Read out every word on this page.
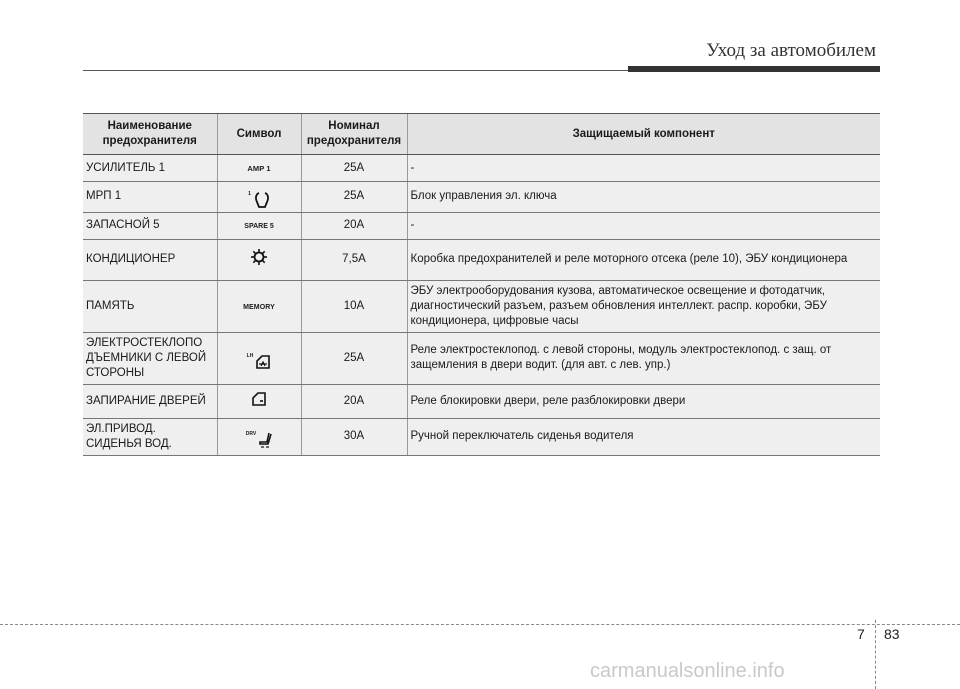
Уход за автомобилем
Наименование предохранителя	Символ	Номинал предохранителя	Защищаемый компонент
УСИЛИТЕЛЬ 1	AMP 1	25A	-
МРП 1	1	25A	Блок управления эл. ключа
ЗАПАСНОЙ 5	SPARE 5	20A	-
КОНДИЦИОНЕР		7,5A	Коробка предохранителей и реле моторного отсека (реле 10), ЭБУ кондиционера
ПАМЯТЬ	MEMORY	10A	ЭБУ электрооборудования кузова, автоматическое освещение и фотодатчик, диагностический разъем, разъем обновления интеллект. распр. коробки, ЭБУ кондиционера, цифровые часы
ЭЛЕКТРОСТЕКЛОПО ДЪЕМНИКИ С ЛЕВОЙ СТОРОНЫ	LH	25A	Реле электростеклопод. с левой стороны, модуль электростеклопод. с защ. от защемления в двери водит. (для авт. с лев. упр.)
ЗАПИРАНИЕ ДВЕРЕЙ		20A	Реле блокировки двери, реле разблокировки двери
ЭЛ.ПРИВОД. СИДЕНЬЯ ВОД.	DRV	30A	Ручной переключатель сиденья водителя
7 83
carmanualsonline.info
